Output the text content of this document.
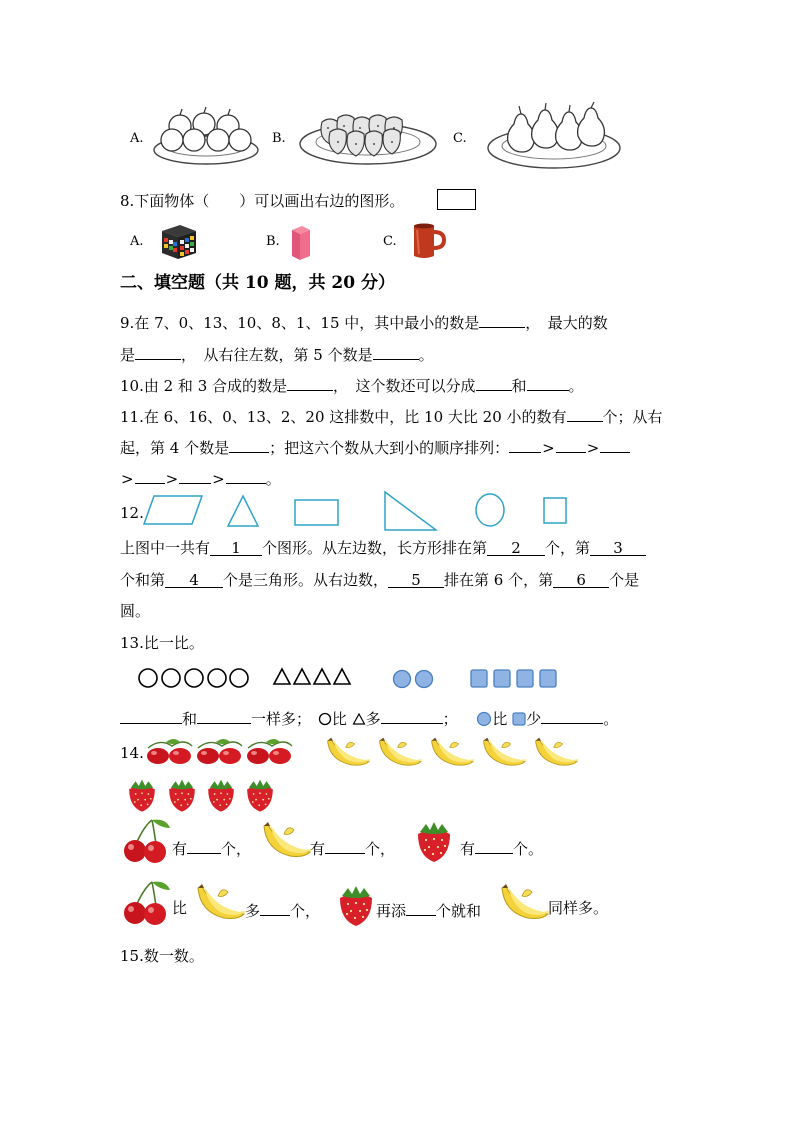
A.	B.	C.
8.下面物体（　　）可以画出右边的图形。
A.	B.	C.
二、填空题（共 10 题，共 20 分）
9.在 7、0、13、10、8、1、15 中，其中最小的数是	，　最大的数
是	，　从右往左数，第 5 个数是	。
10.由 2 和 3 合成的数是	，　这个数还可以分成 和	。
11.在 6、16、0、13、2、20 这排数中，比 10 大比 20 小的数有 个；从右
起，第 4 个数是	；把这六个数从大到小的顺序排列： > >
> > >	。
12.
上图中一共有 1 个图形。从左边数，长方形排在第 2 个，第 3
个和第 4 个是三角形。从右边数， 5 排在第 6 个，第 6 个是
圆。
13.比一比。
和	一样多； 比 多	； 比 少	。
14.
有 个，	有	个，	有	个。
比	多 个，	再添 个就和	同样多。
15.数一数。
